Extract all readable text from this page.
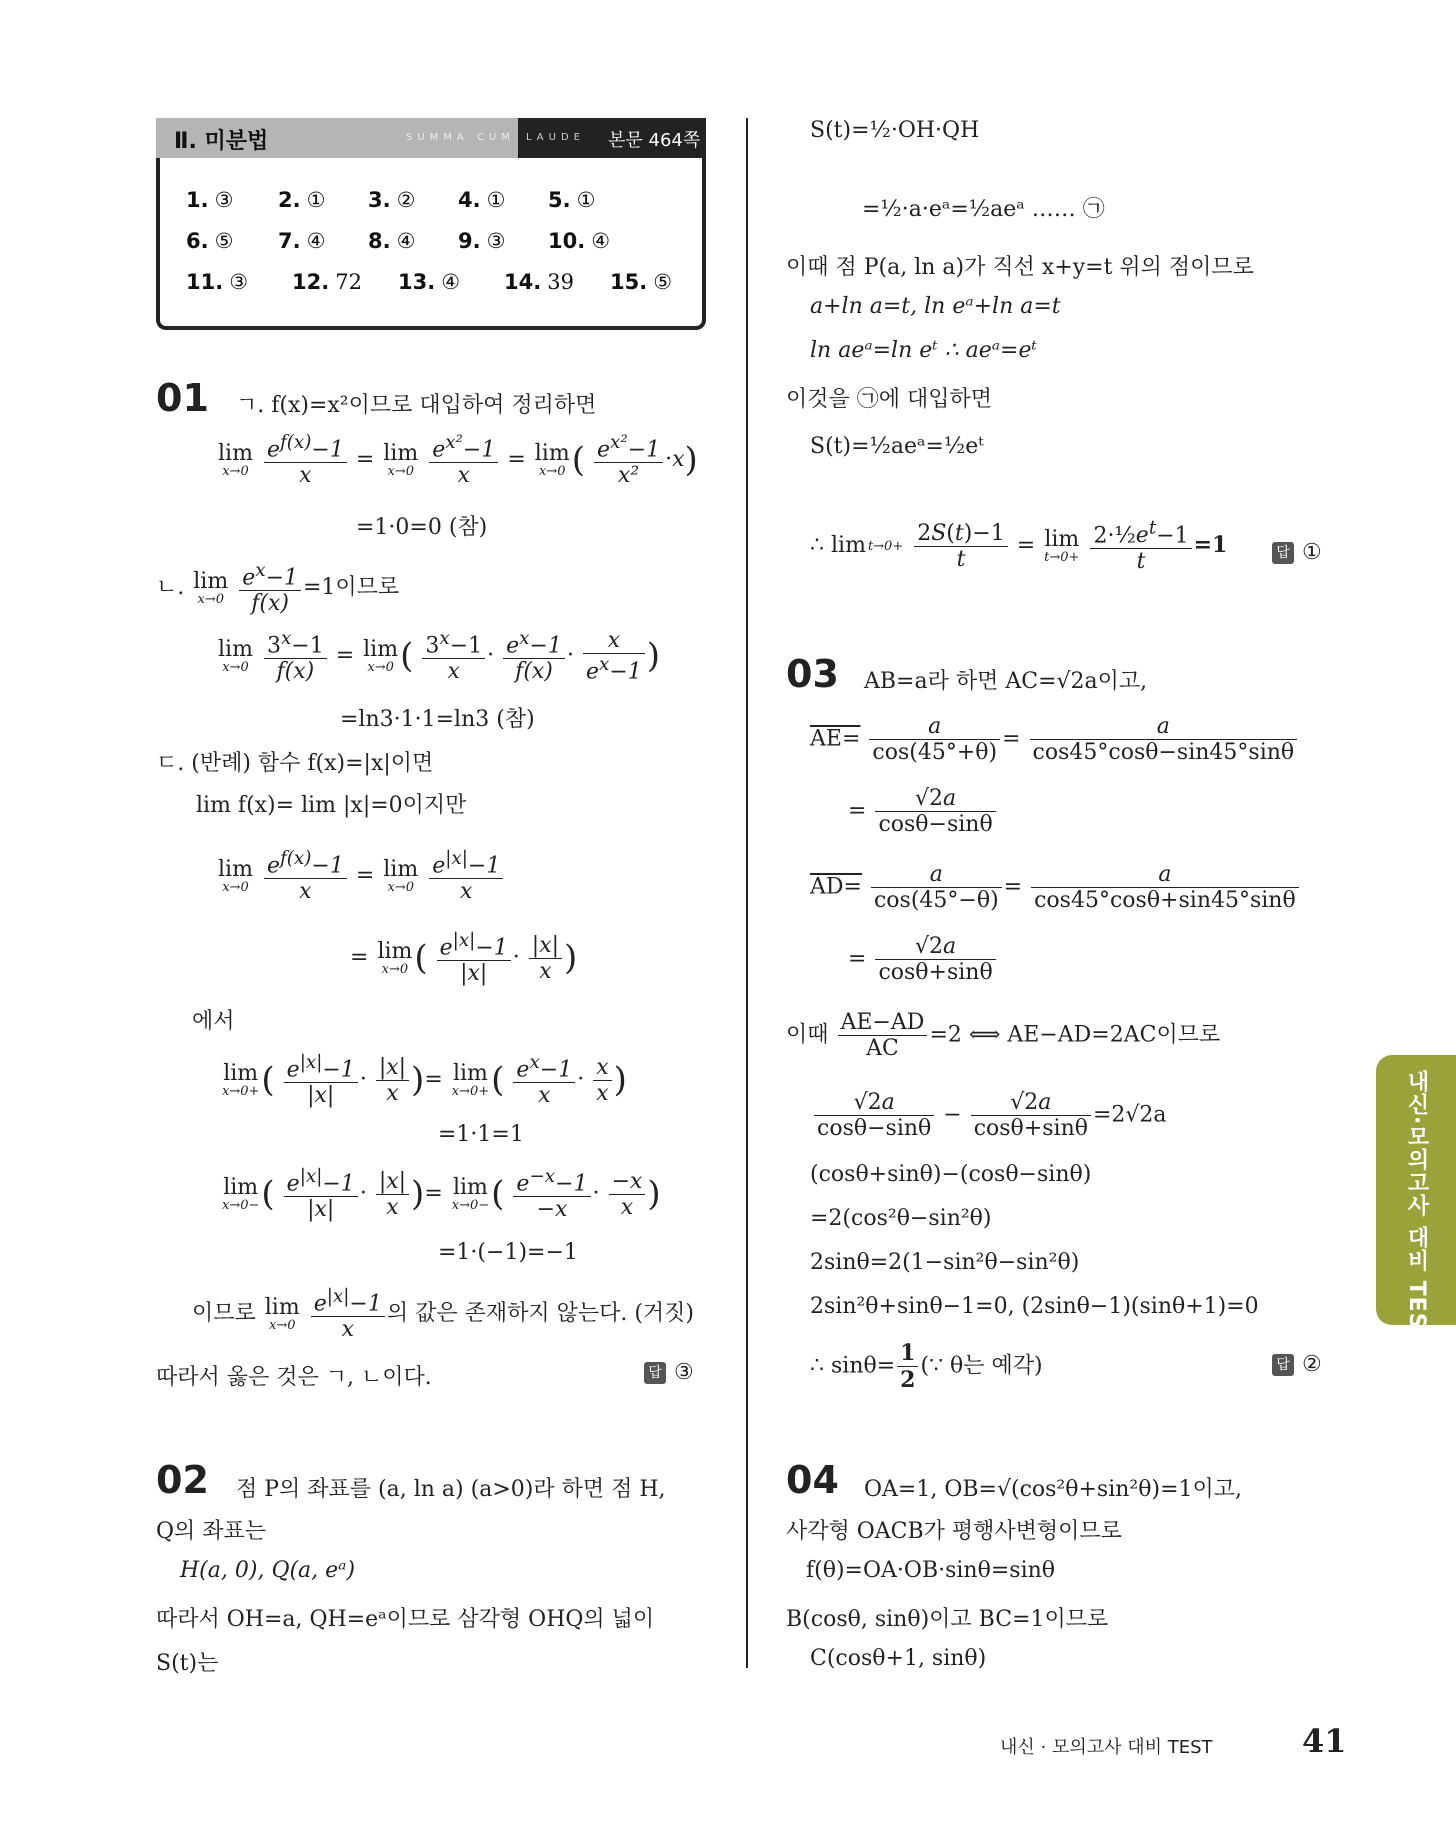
Ⅱ. 미분법	SUMMA CUM LAUDE 본문 464쪽
1. ③ 2. ① 3. ② 4. ① 5. ①
6. ⑤ 7. ④ 8. ④ 9. ③ 10. ④
11. ③ 12. 72 13. ④ 14. 39 15. ⑤
01 ㄱ. f(x)=x²이므로 대입하여 정리하면
lim
x→0
$\frac{e^{f(x)}-1}{x} = \lim$
x→0
$\frac{e^{x^2}-1}{x} = \lim$
x→0 ( $\frac{e^{x^2}-1}{\text{x²}} \cdot x$)
=1·0=0 (참)
ㄴ. lim
x→0
$\frac{e^x-1}{f(x)} =1$이므로
lim
x→0
$\frac{3^x-1}{f(x)} = \lim$
x→0 ( $\frac{3^x-1}{x} \cdot \frac{e^x-1}{f(x)} \cdot \frac{x}{e^x-1}$ )
=ln3·1·1=ln3 (참)
ㄷ. (반례) 함수 f(x)=|x|이면
lim f(x)= lim |x|=0이지만
lim
x→0
$\frac{e^{f(x)}-1}{x} = \lim$
x→0
$\frac{e^{|x|}-1}{x}$
= lim
x→0 ( $\frac{e^{|x|}-1}{|x|} \cdot \frac{|x|}{x}$ )
에서
lim
x→0+ ( $\frac{e^{|x|}-1}{|x|} \cdot \frac{|x|}{x}$ )= lim
x→0+ ( $\frac{e^x-1}{x} \cdot \frac{x}{x}$ )
=1·1=1
lim
x→0− ( $\frac{e^{|x|}-1}{|x|} \cdot \frac{|x|}{x}$ )= lim
x→0− ( $\frac{e^{-x}-1}{-x} \cdot \frac{-x}{x}$ )
=1·(−1)=−1
이므로 lim
x→0
$\frac{e^{|x|}-1}{x}$ 의 값은 존재하지 않는다. (거짓)
따라서 옳은 것은 ㄱ, ㄴ이다.	답 ③
02 점 P의 좌표를 (a, ln a) (a>0)라 하면 점 H,
Q의 좌표는
H(a, 0), Q(a, eᵃ)
따라서 OH=a, QH=eᵃ이므로 삼각형 OHQ의 넓이
S(t)는
S(t)=½·OH·QH
=½·a·eᵃ=½aeᵃ …… ㉠
이때 점 P(a, ln a)가 직선 x+y=t 위의 점이므로
a+ln a=t, ln eᵃ+ln a=t
ln aeᵃ=ln eᵗ ∴ aeᵃ=eᵗ
이것을 ㉠에 대입하면
S(t)=½aeᵃ=½eᵗ
∴ lim t→0+
$\frac{2S(t)-1}{t} = \lim$
t→0+
$\frac{2\cdot\frac{1}{2}e^t-1}{t} =1$	답 ①
03 AB=a라 하면 AC=√2a이고,
$AE= \frac{a}{\cos(45^\circ+\theta)} = \frac{a}{\cos 45^\circ\cos\theta-\sin 45^\circ\sin\theta}$
= $\frac{√2a}{\cos\theta-\sin\theta}$
$AD= \frac{a}{\cos(45^\circ-\theta)} = \frac{a}{\cos 45^\circ\cos\theta+\sin 45^\circ\sin\theta}$
= $\frac{√2a}{\cos\theta+\sin\theta}$
이때 $\frac{AE-AD}{AC} =2$ ⟺ AE−AD=2AC이므로
$\frac{√2a}{\cos\theta-\sin\theta} - \frac{√2a}{\cos\theta+\sin\theta} =2√2a$
(cosθ+sinθ)−(cosθ−sinθ)
=2(cos²θ−sin²θ)
2sinθ=2(1−sin²θ−sin²θ)
2sin²θ+sinθ−1=0, (2sinθ−1)(sinθ+1)=0
∴ $\sin\theta= \frac{1}{2}$ (∵ θ는 예각)	답 ②
04 OA=1, OB=√(cos²θ+sin²θ)=1이고,
사각형 OACB가 평행사변형이므로
f(θ)=OA·OB·sinθ=sinθ
B(cosθ, sinθ)이고 BC=1이므로
C(cosθ+1, sinθ)
내신·모의고사 대비 TEST
내신 · 모의고사 대비 TEST	41
